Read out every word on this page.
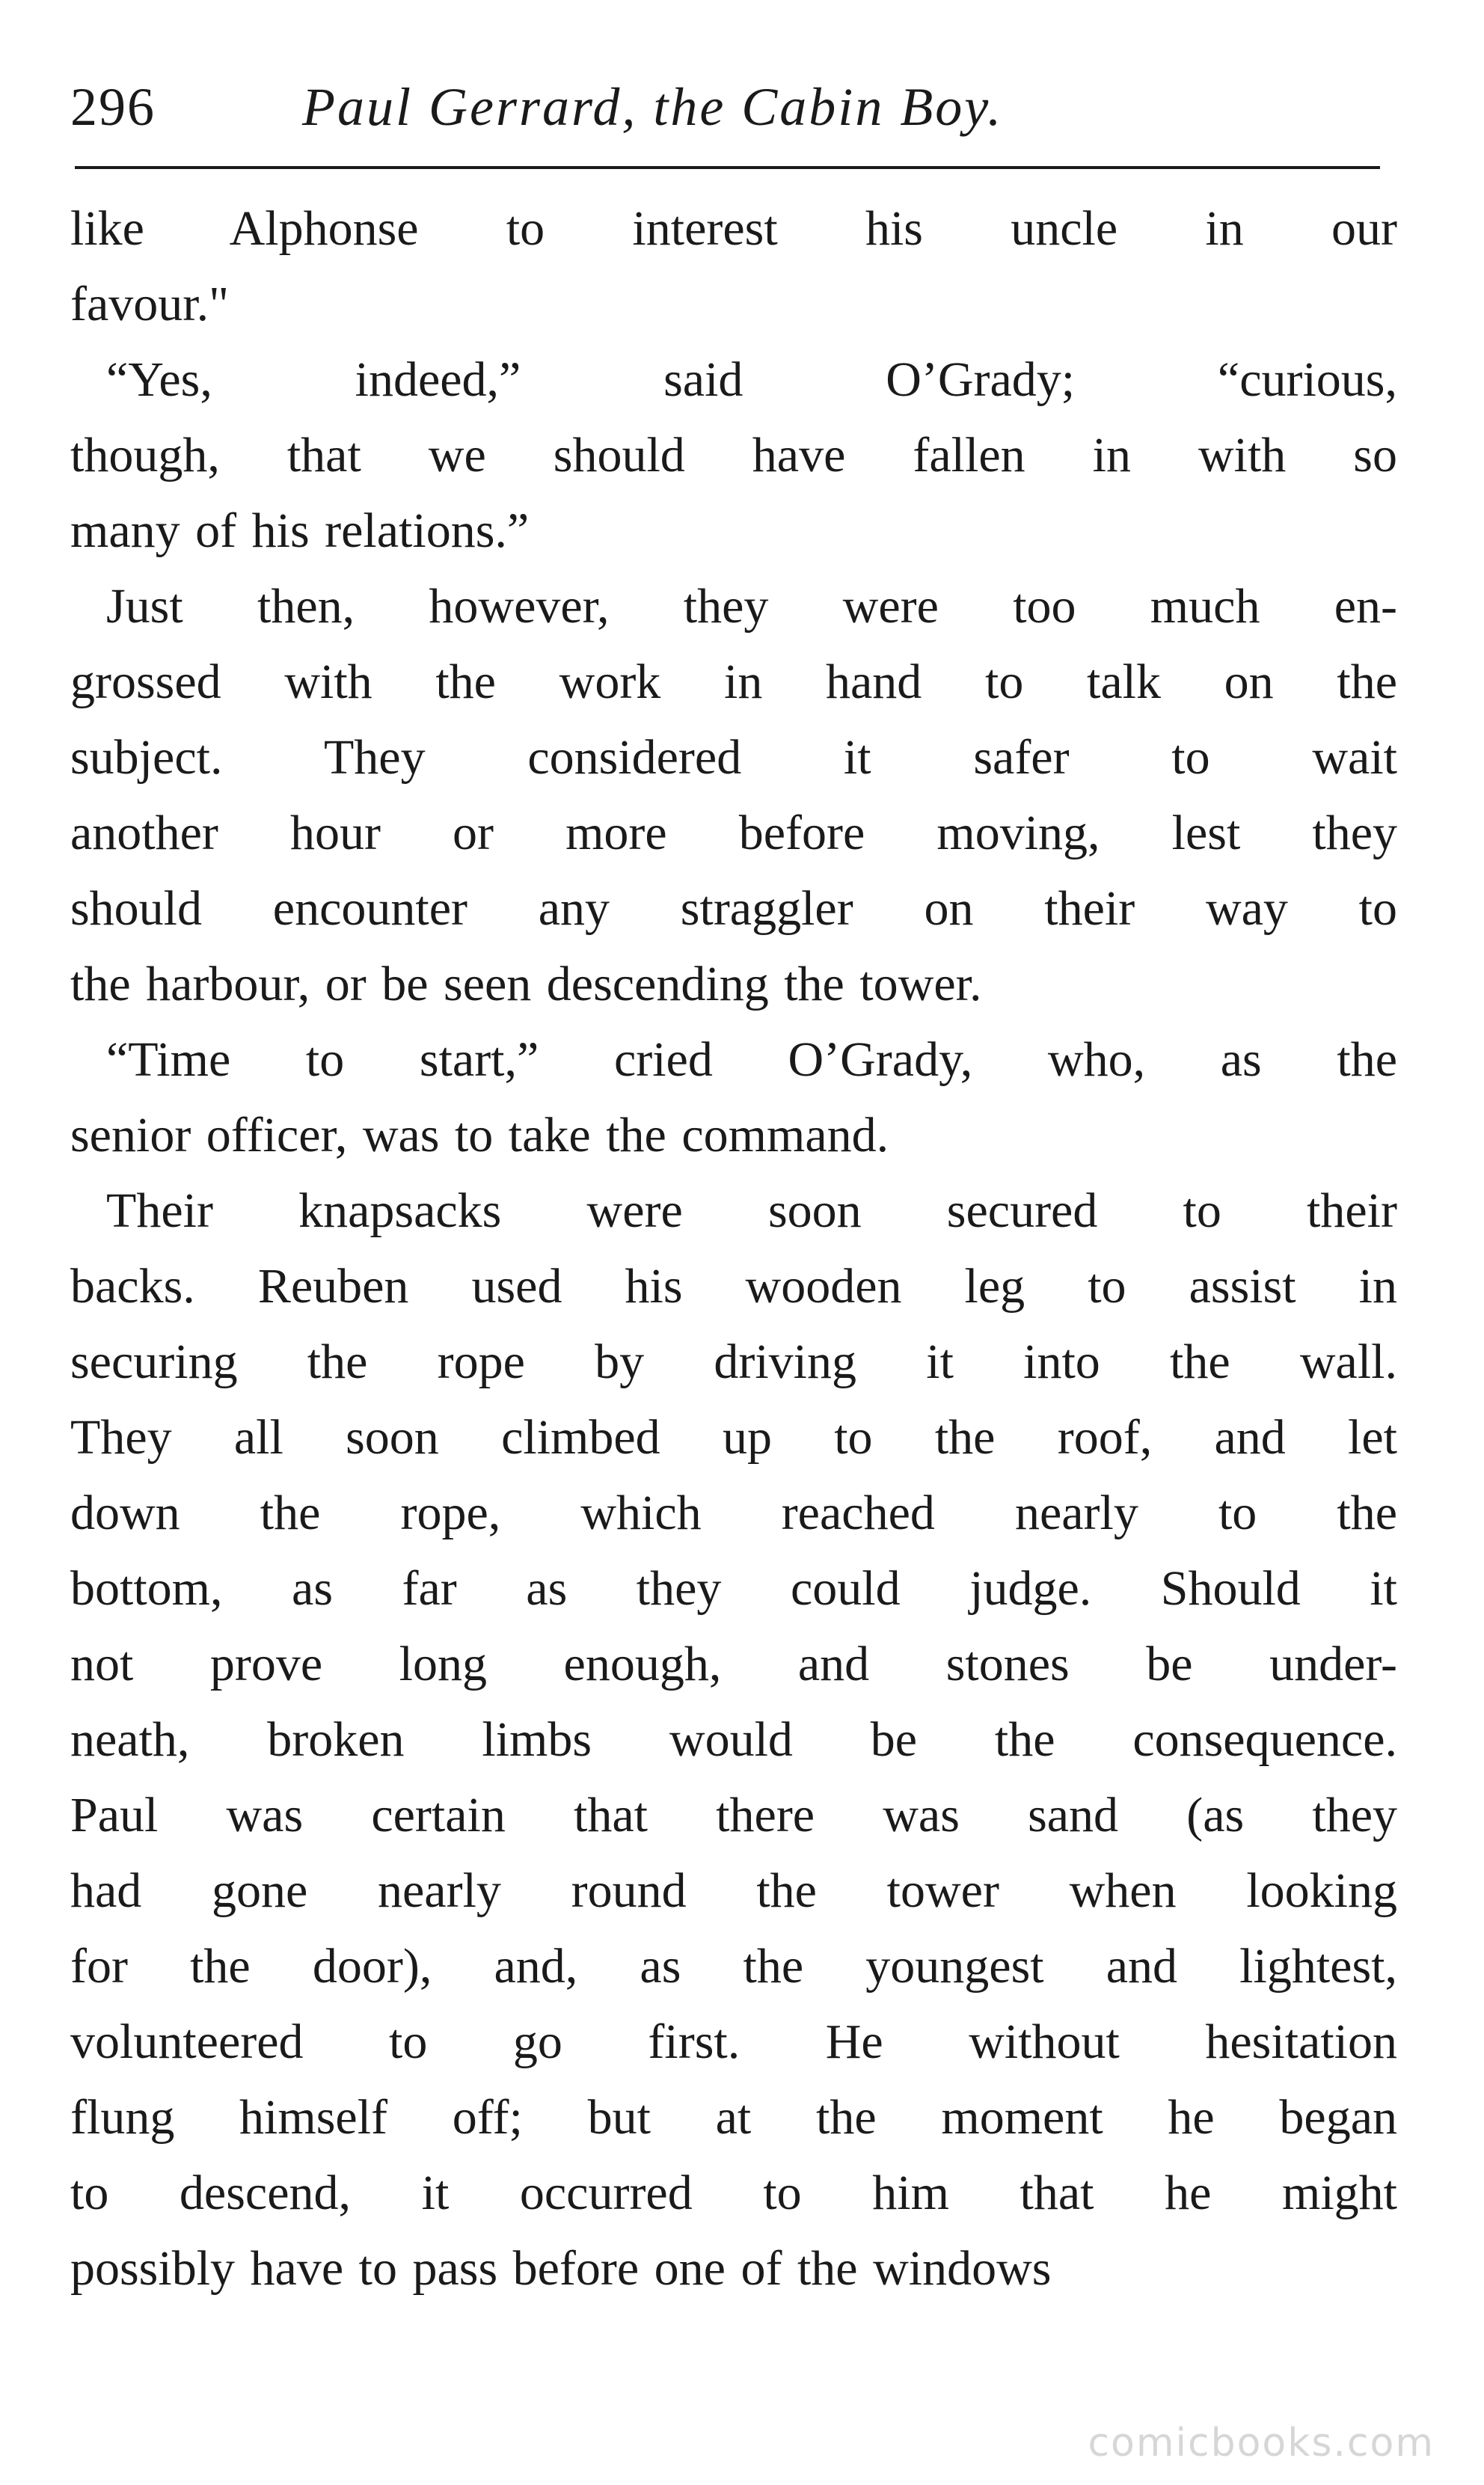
296	Paul Gerrard, the Cabin Boy.
like Alphonse to interest his uncle in our
favour."
“Yes, indeed,” said O’Grady; “curious,
though, that we should have fallen in with so
many of his relations.”
Just then, however, they were too much en-
grossed with the work in hand to talk on the
subject. They considered it safer to wait
another hour or more before moving, lest they
should encounter any straggler on their way to
the harbour, or be seen descending the tower.
“Time to start,” cried O’Grady, who, as the
senior officer, was to take the command.
Their knapsacks were soon secured to their
backs. Reuben used his wooden leg to assist in
securing the rope by driving it into the wall.
They all soon climbed up to the roof, and let
down the rope, which reached nearly to the
bottom, as far as they could judge. Should it
not prove long enough, and stones be under-
neath, broken limbs would be the consequence.
Paul was certain that there was sand (as they
had gone nearly round the tower when looking
for the door), and, as the youngest and lightest,
volunteered to go first. He without hesitation
flung himself off; but at the moment he began
to descend, it occurred to him that he might
possibly have to pass before one of the windows
comicbooks.com
